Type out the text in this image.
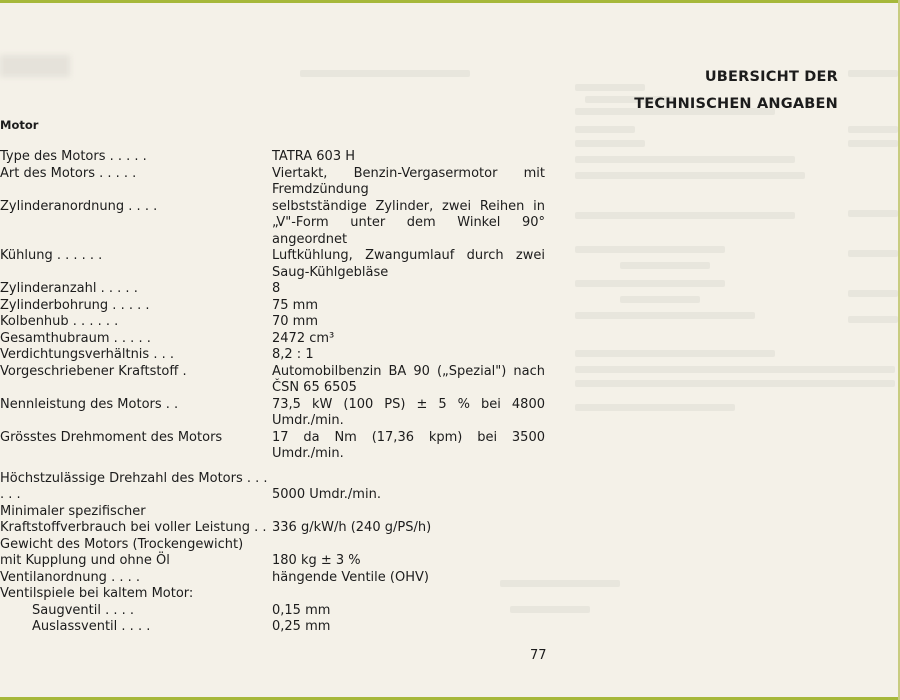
UBERSICHT DER
TECHNISCHEN ANGABEN
Motor
Type des Motors . . . . .	TATRA 603 H
Art des Motors . . . . .	Viertakt, Benzin-Vergasermotor mit Fremdzündung
Zylinderanordnung . . . .	selbstständige Zylinder, zwei Reihen in „V"-Form unter dem Winkel 90° angeordnet
Kühlung . . . . . .	Luftkühlung, Zwangumlauf durch zwei Saug-Kühlgebläse
Zylinderanzahl . . . . .	8
Zylinderbohrung . . . . .	75 mm
Kolbenhub . . . . . .	70 mm
Gesamthubraum . . . . .	2472 cm³
Verdichtungsverhältnis . . .	8,2 : 1
Vorgeschriebener Kraftstoff .	Automobilbenzin BA 90 („Spezial") nach ČSN 65 6505
Nennleistung des Motors . .	73,5 kW (100 PS) ± 5 % bei 4800 Umdr./min.
Grösstes Drehmoment des Motors	17 da Nm (17,36 kpm) bei 3500 Umdr./min.
Höchstzulässige Drehzahl des Motors . . . . . .	5000 Umdr./min.
Minimaler spezifischer Kraftstoffverbrauch bei voller Leistung . . 336 g/kW/h (240 g/PS/h)
Gewicht des Motors (Trockengewicht) mit Kupplung und ohne Öl	180 kg ± 3 %
Ventilanordnung . . . .	hängende Ventile (OHV)
Ventilspiele bei kaltem Motor:
Saugventil . . . .	0,15 mm
Auslassventil . . . .	0,25 mm
77
